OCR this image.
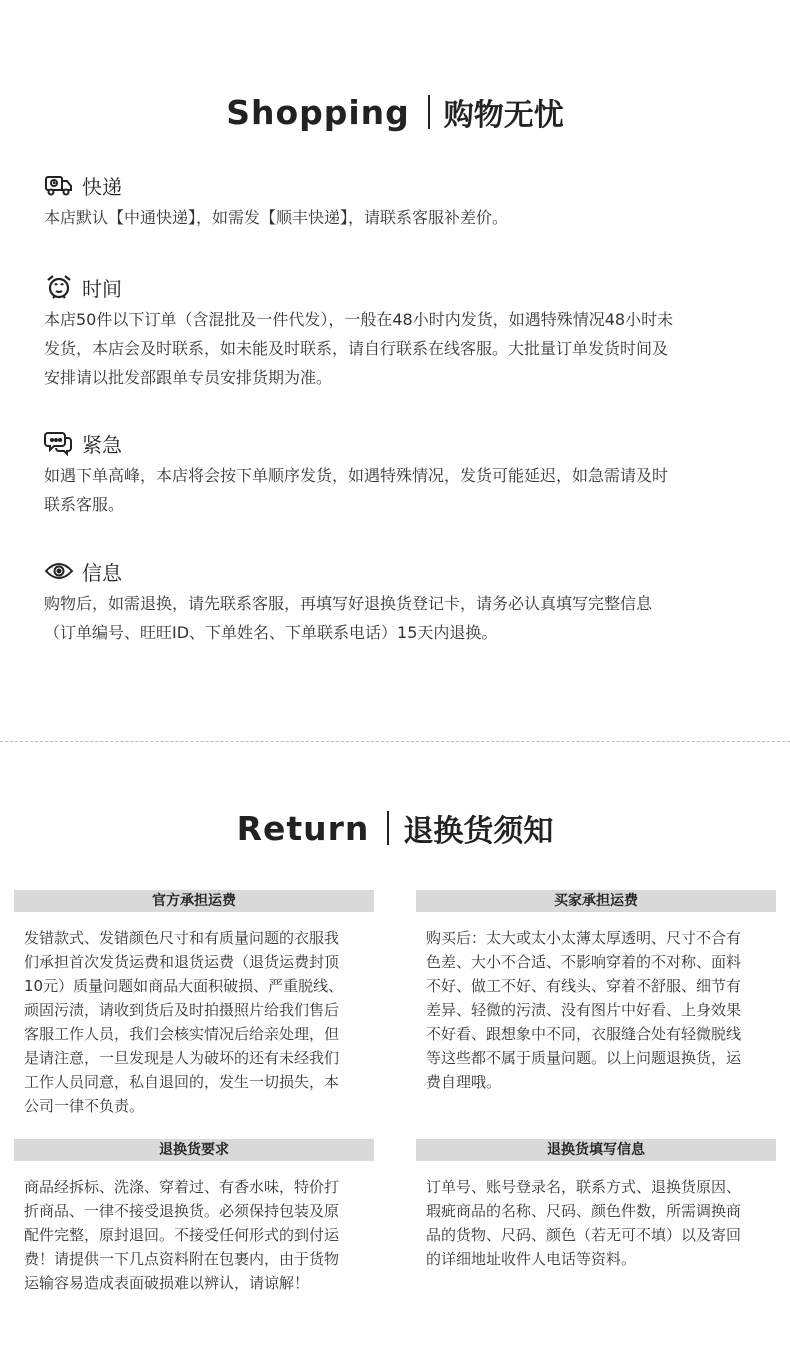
Shopping 购物无忧
快递
本店默认【中通快递】，如需发【顺丰快递】，请联系客服补差价。
时间
本店50件以下订单（含混批及一件代发），一般在48小时内发货，如遇特殊情况48小时未
发货，本店会及时联系，如未能及时联系，请自行联系在线客服。大批量订单发货时间及
安排请以批发部跟单专员安排货期为准。
紧急
如遇下单高峰，本店将会按下单顺序发货，如遇特殊情况，发货可能延迟，如急需请及时
联系客服。
信息
购物后，如需退换，请先联系客服，再填写好退换货登记卡，请务必认真填写完整信息
（订单编号、旺旺ID、下单姓名、下单联系电话）15天内退换。
Return 退换货须知
官方承担运费
发错款式、发错颜色尺寸和有质量问题的衣服我
们承担首次发货运费和退货运费（退货运费封顶
10元）质量问题如商品大面积破损、严重脱线、
顽固污渍，请收到货后及时拍摄照片给我们售后
客服工作人员，我们会核实情况后给亲处理，但
是请注意，一旦发现是人为破坏的还有未经我们
工作人员同意，私自退回的，发生一切损失，本
公司一律不负责。
买家承担运费
购买后：太大或太小太薄太厚透明、尺寸不合有
色差、大小不合适、不影响穿着的不对称、面料
不好、做工不好、有线头、穿着不舒服、细节有
差异、轻微的污渍、没有图片中好看、上身效果
不好看、跟想象中不同，衣服缝合处有轻微脱线
等这些都不属于质量问题。以上问题退换货，运
费自理哦。
退换货要求
商品经拆标、洗涤、穿着过、有香水味，特价打
折商品、一律不接受退换货。必须保持包装及原
配件完整，原封退回。不接受任何形式的到付运
费！请提供一下几点资料附在包裹内，由于货物
运输容易造成表面破损难以辨认，请谅解！
退换货填写信息
订单号、账号登录名，联系方式、退换货原因、
瑕疵商品的名称、尺码、颜色件数，所需调换商
品的货物、尺码、颜色（若无可不填）以及寄回
的详细地址收件人电话等资料。
